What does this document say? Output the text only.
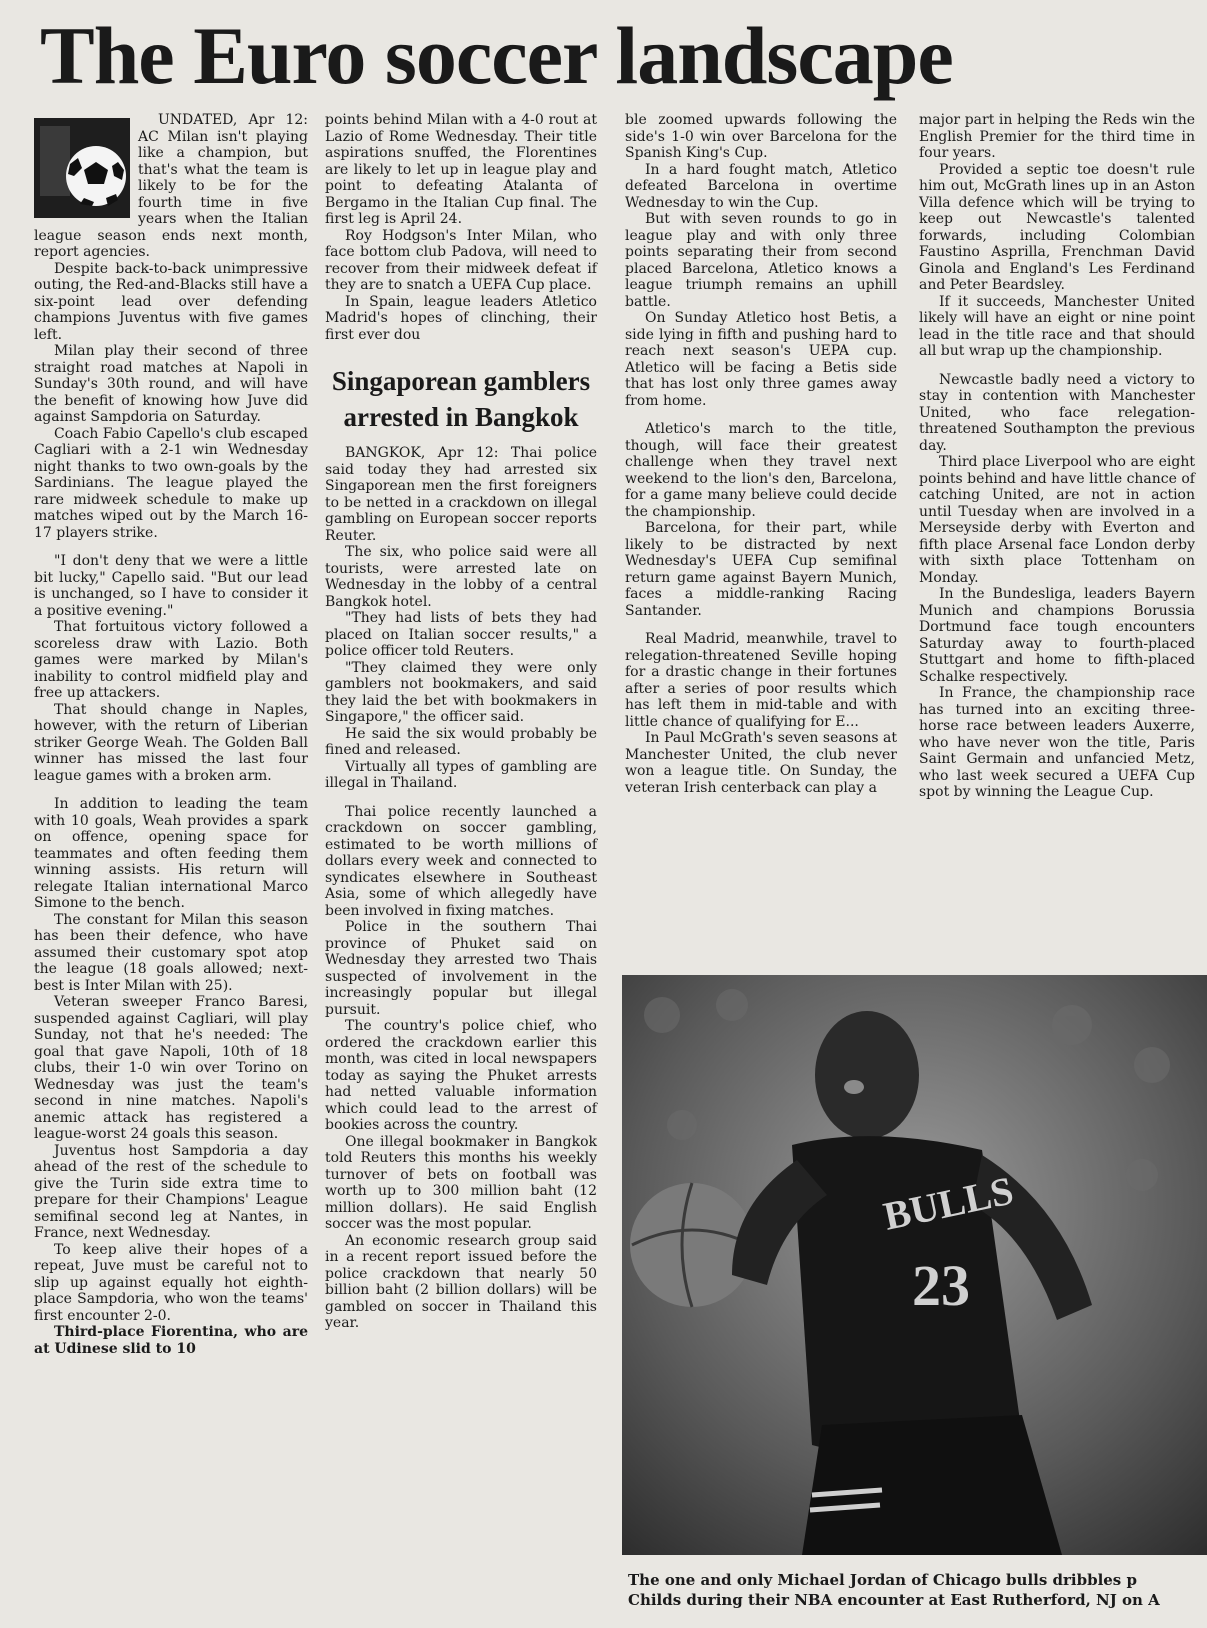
The Euro soccer landscape

UNDATED, Apr 12: AC Milan isn't playing like a champion, but that's what the team is likely to be for the fourth time in five years when the Italian league season ends next month, report agencies.

Despite back-to-back unimpressive outing, the Red-and-Blacks still have a six-point lead over defending champions Juventus with five games left.

Milan play their second of three straight road matches at Napoli in Sunday's 30th round, and will have the benefit of knowing how Juve did against Sampdoria on Saturday.

Coach Fabio Capello's club escaped Cagliari with a 2-1 win Wednesday night thanks to two own-goals by the Sardinians. The league played the rare midweek schedule to make up matches wiped out by the March 16-17 players strike.

"I don't deny that we were a little bit lucky," Capello said. "But our lead is unchanged, so I have to consider it a positive evening."

That fortuitous victory followed a scoreless draw with Lazio. Both games were marked by Milan's inability to control midfield play and free up attackers.

That should change in Naples, however, with the return of Liberian striker George Weah. The Golden Ball winner has missed the last four league games with a broken arm.

In addition to leading the team with 10 goals, Weah provides a spark on offence, opening space for teammates and often feeding them winning assists. His return will relegate Italian international Marco Simone to the bench.

The constant for Milan this season has been their defence, who have assumed their customary spot atop the league (18 goals allowed; next-best is Inter Milan with 25).

Veteran sweeper Franco Baresi, suspended against Cagliari, will play Sunday, not that he's needed: The goal that gave Napoli, 10th of 18 clubs, their 1-0 win over Torino on Wednesday was just the team's second in nine matches. Napoli's anemic attack has registered a league-worst 24 goals this season.

Juventus host Sampdoria a day ahead of the rest of the schedule to give the Turin side extra time to prepare for their Champions' League semifinal second leg at Nantes, in France, next Wednesday.

To keep alive their hopes of a repeat, Juve must be careful not to slip up against equally hot eighth-place Sampdoria, who won the teams' first encounter 2-0.

Third-place Fiorentina, who are at Udinese slid to 10

points behind Milan with a 4-0 rout at Lazio of Rome Wednesday. Their title aspirations snuffed, the Florentines are likely to let up in league play and point to defeating Atalanta of Bergamo in the Italian Cup final. The first leg is April 24.

Roy Hodgson's Inter Milan, who face bottom club Padova, will need to recover from their midweek defeat if they are to snatch a UEFA Cup place.

In Spain, league leaders Atletico Madrid's hopes of clinching, their first ever dou

Singaporean gamblers arrested in Bangkok

BANGKOK, Apr 12: Thai police said today they had arrested six Singaporean men the first foreigners to be netted in a crackdown on illegal gambling on European soccer reports Reuter.

The six, who police said were all tourists, were arrested late on Wednesday in the lobby of a central Bangkok hotel.

"They had lists of bets they had placed on Italian soccer results," a police officer told Reuters.

"They claimed they were only gamblers not bookmakers, and said they laid the bet with bookmakers in Singapore," the officer said.

He said the six would probably be fined and released.

Virtually all types of gambling are illegal in Thailand.

Thai police recently launched a crackdown on soccer gambling, estimated to be worth millions of dollars every week and connected to syndicates elsewhere in Southeast Asia, some of which allegedly have been involved in fixing matches.

Police in the southern Thai province of Phuket said on Wednesday they arrested two Thais suspected of involvement in the increasingly popular but illegal pursuit.

The country's police chief, who ordered the crackdown earlier this month, was cited in local newspapers today as saying the Phuket arrests had netted valuable information which could lead to the arrest of bookies across the country.

One illegal bookmaker in Bangkok told Reuters this months his weekly turnover of bets on football was worth up to 300 million baht (12 million dollars). He said English soccer was the most popular.

An economic research group said in a recent report issued before the police crackdown that nearly 50 billion baht (2 billion dollars) will be gambled on soccer in Thailand this year.

ble zoomed upwards following the side's 1-0 win over Barcelona for the Spanish King's Cup.

In a hard fought match, Atletico defeated Barcelona in overtime Wednesday to win the Cup.

But with seven rounds to go in league play and with only three points separating their from second placed Barcelona, Atletico knows a league triumph remains an uphill battle.

On Sunday Atletico host Betis, a side lying in fifth and pushing hard to reach next season's UEPA cup. Atletico will be facing a Betis side that has lost only three games away from home.

Atletico's march to the title, though, will face their greatest challenge when they travel next weekend to the lion's den, Barcelona, for a game many believe could decide the championship.

Barcelona, for their part, while likely to be distracted by next Wednesday's UEFA Cup semifinal return game against Bayern Munich, faces a middle-ranking Racing Santander.

Real Madrid, meanwhile, travel to relegation-threatened Seville hoping for a drastic change in their fortunes after a series of poor results which has left them in mid-table and with little chance of qualifying for E...

In Paul McGrath's seven seasons at Manchester United, the club never won a league title. On Sunday, the veteran Irish centerback can play a

major part in helping the Reds win the English Premier for the third time in four years.

Provided a septic toe doesn't rule him out, McGrath lines up in an Aston Villa defence which will be trying to keep out Newcastle's talented forwards, including Colombian Faustino Asprilla, Frenchman David Ginola and England's Les Ferdinand and Peter Beardsley.

If it succeeds, Manchester United likely will have an eight or nine point lead in the title race and that should all but wrap up the championship.

Newcastle badly need a victory to stay in contention with Manchester United, who face relegation-threatened Southampton the previous day.

Third place Liverpool who are eight points behind and have little chance of catching United, are not in action until Tuesday when are involved in a Merseyside derby with Everton and fifth place Arsenal face London derby with sixth place Tottenham on Monday.

In the Bundesliga, leaders Bayern Munich and champions Borussia Dortmund face tough encounters Saturday away to fourth-placed Stuttgart and home to fifth-placed Schalke respectively.

In France, the championship race has turned into an exciting three-horse race between leaders Auxerre, who have never won the title, Paris Saint Germain and unfancied Metz, who last week secured a UEFA Cup spot by winning the League Cup.

BULLS
23
The one and only Michael Jordan of Chicago bulls dribbles p
Childs during their NBA encounter at East Rutherford, NJ on A
